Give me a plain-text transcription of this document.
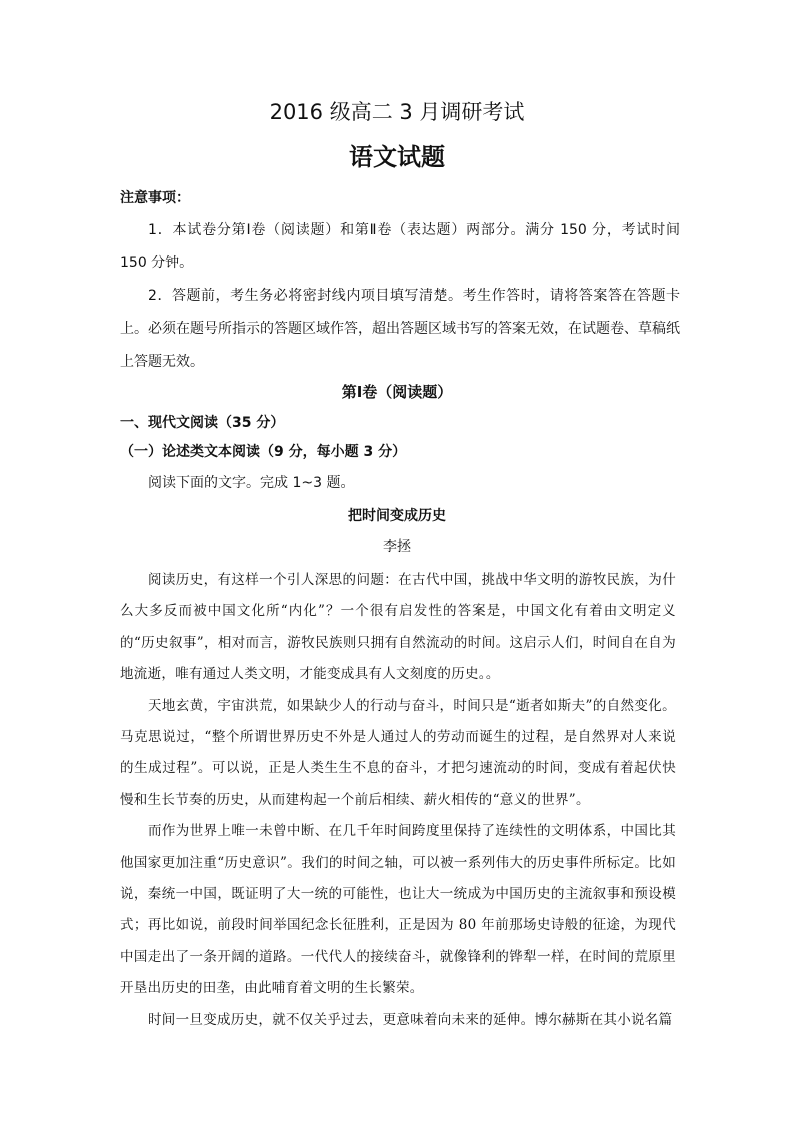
2016 级高二 3 月调研考试
语文试题
注意事项：

1．本试卷分第Ⅰ卷（阅读题）和第Ⅱ卷（表达题）两部分。满分 150 分，考试时间 150 分钟。

2．答题前，考生务必将密封线内项目填写清楚。考生作答时，请将答案答在答题卡上。必须在题号所指示的答题区域作答，超出答题区域书写的答案无效，在试题卷、草稿纸上答题无效。

第Ⅰ卷（阅读题）
一、现代文阅读（35 分）
（一）论述类文本阅读（9 分，每小题 3 分）
阅读下面的文字。完成 1~3 题。
把时间变成历史
李拯

阅读历史，有这样一个引人深思的问题：在古代中国，挑战中华文明的游牧民族，为什么大多反而被中国文化所“内化”？一个很有启发性的答案是，中国文化有着由文明定义的“历史叙事”，相对而言，游牧民族则只拥有自然流动的时间。这启示人们，时间自在自为地流逝，唯有通过人类文明，才能变成具有人文刻度的历史。。

天地玄黄，宇宙洪荒，如果缺少人的行动与奋斗，时间只是“逝者如斯夫”的自然变化。马克思说过，“整个所谓世界历史不外是人通过人的劳动而诞生的过程，是自然界对人来说的生成过程”。可以说，正是人类生生不息的奋斗，才把匀速流动的时间，变成有着起伏快慢和生长节奏的历史，从而建构起一个前后相续、薪火相传的“意义的世界”。

而作为世界上唯一未曾中断、在几千年时间跨度里保持了连续性的文明体系，中国比其他国家更加注重“历史意识”。我们的时间之轴，可以被一系列伟大的历史事件所标定。比如说，秦统一中国，既证明了大一统的可能性，也让大一统成为中国历史的主流叙事和预设模式；再比如说，前段时间举国纪念长征胜利，正是因为 80 年前那场史诗般的征途，为现代中国走出了一条开阔的道路。一代代人的接续奋斗，就像锋利的铧犁一样，在时间的荒原里开垦出历史的田垄，由此哺育着文明的生长繁荣。

时间一旦变成历史，就不仅关乎过去，更意味着向未来的延伸。博尔赫斯在其小说名篇
